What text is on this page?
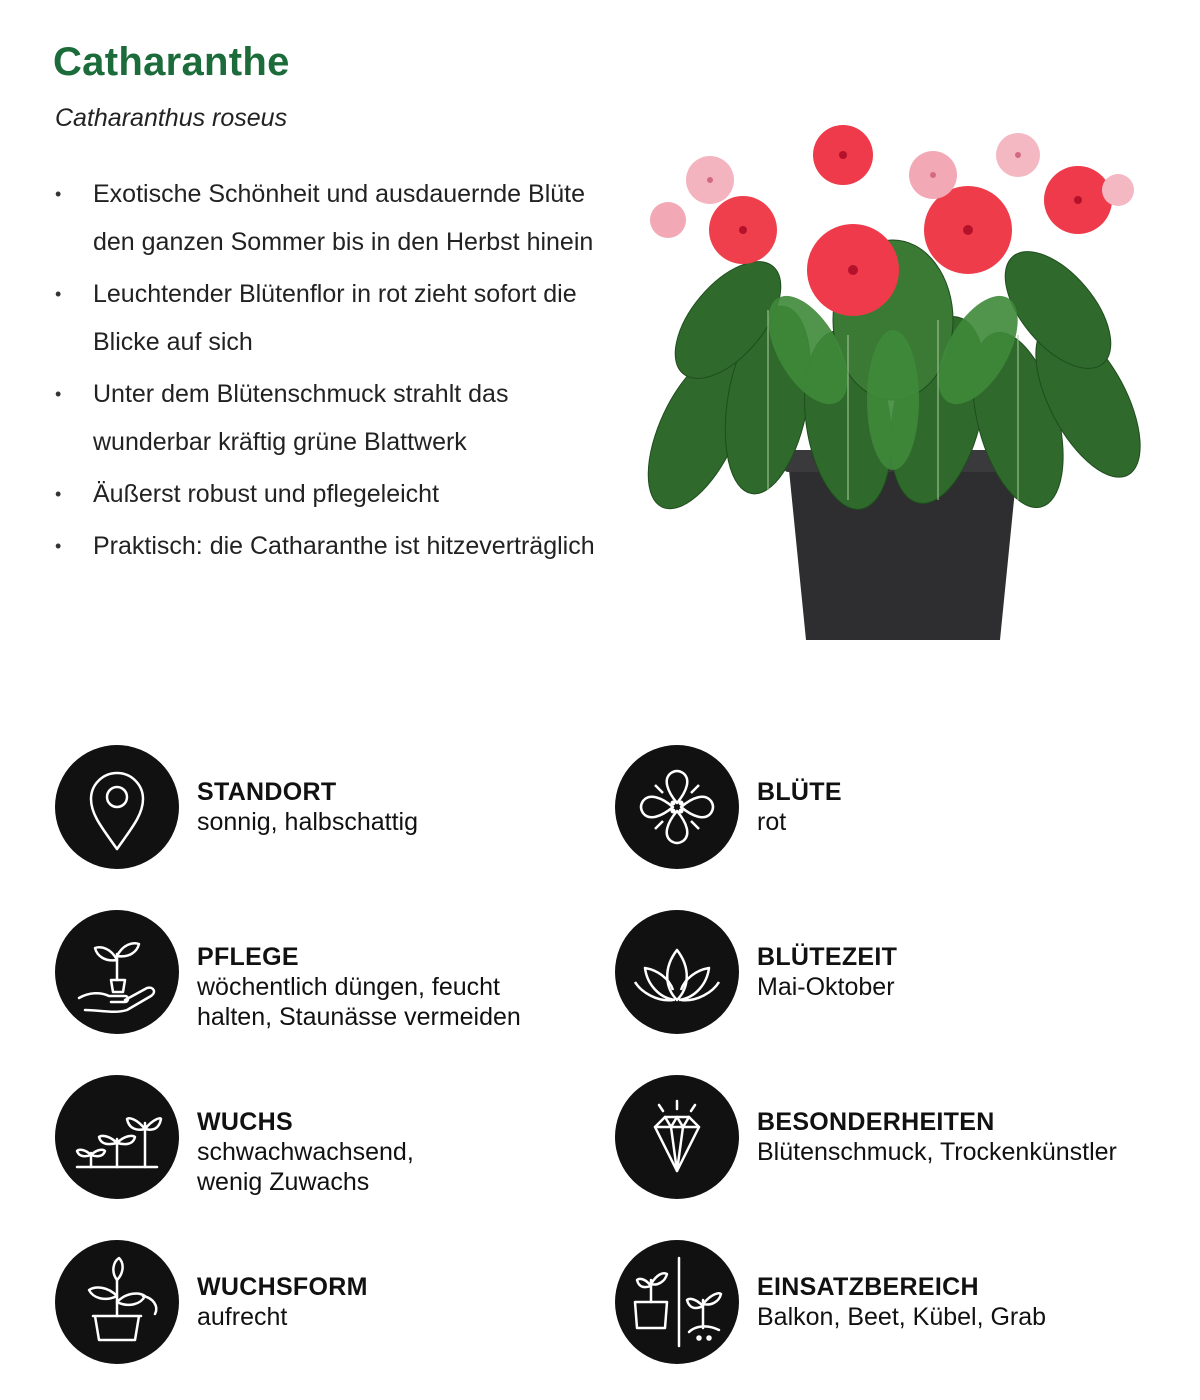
Catharanthe

Catharanthus roseus

• Exotische Schönheit und ausdauernde Blüte den ganzen Sommer bis in den Herbst hinein
• Leuchtender Blütenflor in rot zieht sofort die Blicke auf sich
• Unter dem Blütenschmuck strahlt das wunderbar kräftig grüne Blattwerk
• Äußerst robust und pflegeleicht
• Praktisch: die Catharanthe ist hitzeverträglich
STANDORT
sonnig, halbschattig
BLÜTE
rot
PFLEGE
wöchentlich düngen, feucht halten, Staunässe vermeiden
BLÜTEZEIT
Mai-Oktober
WUCHS
schwachwachsend, wenig Zuwachs
BESONDERHEITEN
Blütenschmuck, Trockenkünstler
WUCHSFORM
aufrecht
EINSATZBEREICH
Balkon, Beet, Kübel, Grab
